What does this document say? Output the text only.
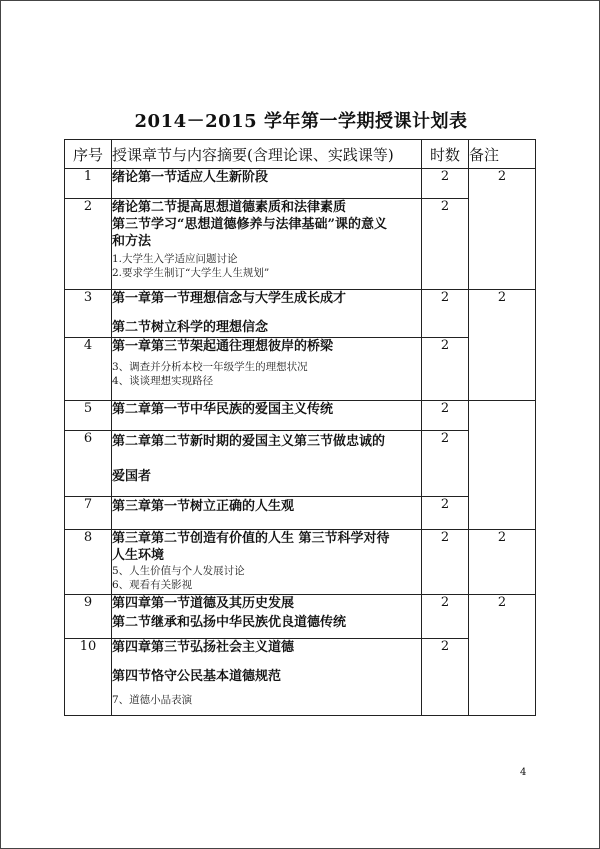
2014－2015 学年第一学期授课计划表
序号	授课章节与内容摘要(含理论课、实践课等)	时数	备注
1	绪论第一节适应人生新阶段	2	2
2	绪论第二节提高思想道德素质和法律素质
第三节学习“思想道德修养与法律基础”课的意义
和方法
1.大学生入学适应问题讨论
2.要求学生制订“大学生人生规划”	2	
3	第一章第一节理想信念与大学生成长成才
第二节树立科学的理想信念	2	2
4	第一章第三节架起通往理想彼岸的桥梁
3、调查并分析本校一年级学生的理想状况
4、谈谈理想实现路径	2	
5	第二章第一节中华民族的爱国主义传统	2	
6	第二章第二节新时期的爱国主义第三节做忠诚的
爱国者	2	
7	第三章第一节树立正确的人生观	2	
8	第三章第二节创造有价值的人生 第三节科学对待
人生环境
5、人生价值与个人发展讨论
6、观看有关影视	2	2
9	第四章第一节道德及其历史发展
第二节继承和弘扬中华民族优良道德传统	2	2
10	第四章第三节弘扬社会主义道德
第四节恪守公民基本道德规范
7、道德小品表演	2	
4
